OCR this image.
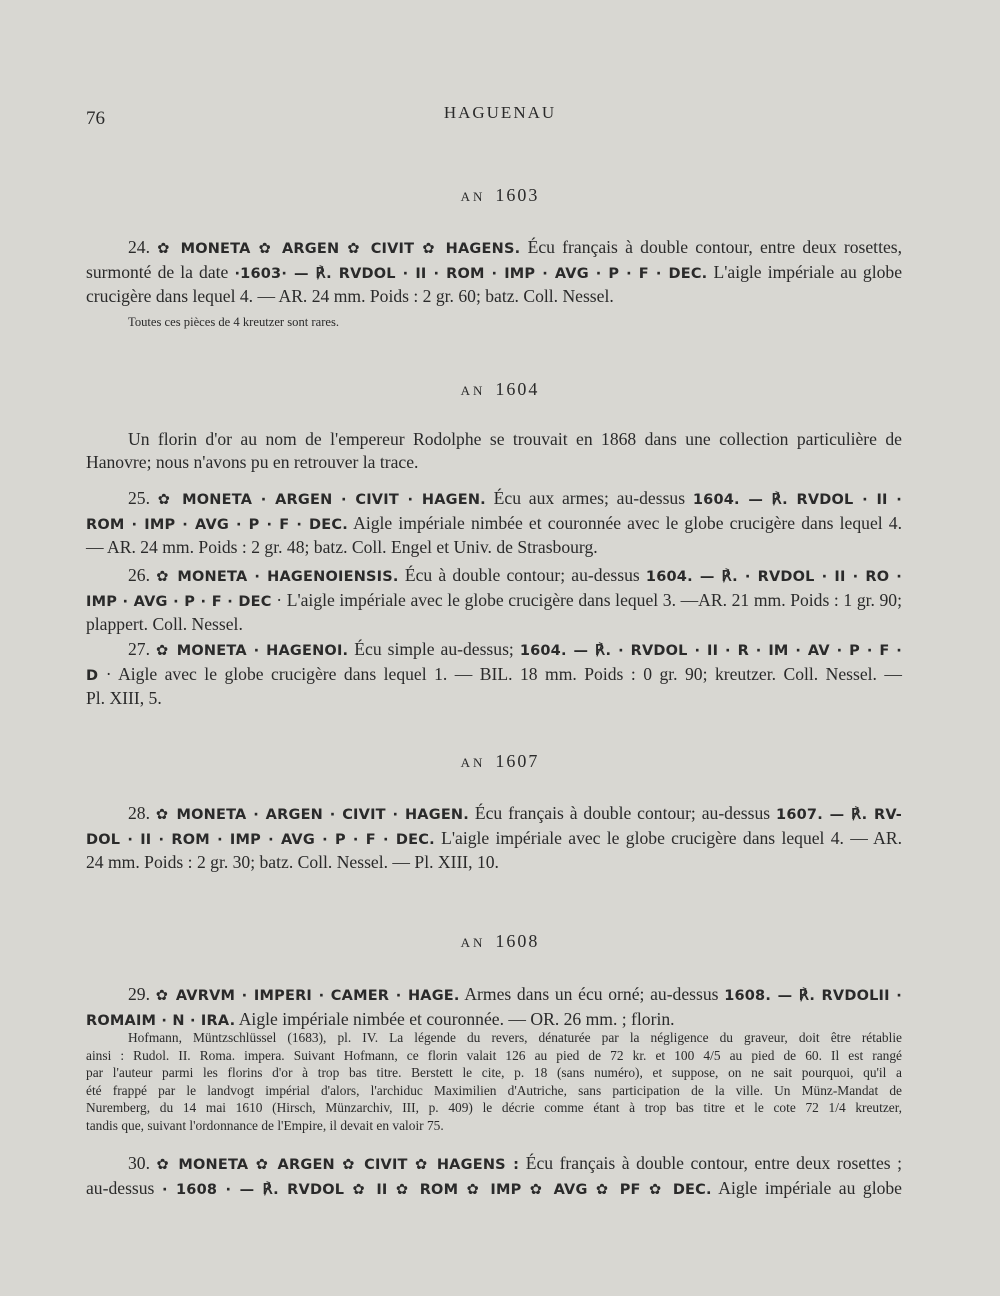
76	HAGUENAU
AN 1603
24. ✿ MONETA ✿ ARGEN ✿ CIVIT ✿ HAGENS. Écu français à double contour, entre deux rosettes,
surmonté de la date ·1603· — ℟. RVDOL · II · ROM · IMP · AVG · P · F · DEC. L'aigle impériale au globe
crucigère dans lequel 4. — AR. 24 mm. Poids : 2 gr. 60; batz. Coll. Nessel.
Toutes ces pièces de 4 kreutzer sont rares.
AN 1604
Un florin d'or au nom de l'empereur Rodolphe se trouvait en 1868 dans une collection particulière de
Hanovre; nous n'avons pu en retrouver la trace.
25. ✿ MONETA · ARGEN · CIVIT · HAGEN. Écu aux armes; au-dessus 1604. — ℟. RVDOL · II ·
ROM · IMP · AVG · P · F · DEC. Aigle impériale nimbée et couronnée avec le globe crucigère dans lequel 4.
— AR. 24 mm. Poids : 2 gr. 48; batz. Coll. Engel et Univ. de Strasbourg.
26. ✿ MONETA · HAGENOIENSIS. Écu à double contour; au-dessus 1604. — ℟. · RVDOL · II · RO ·
IMP · AVG · P · F · DEC · L'aigle impériale avec le globe crucigère dans lequel 3. —AR. 21 mm. Poids : 1 gr. 90;
plappert. Coll. Nessel.
27. ✿ MONETA · HAGENOI. Écu simple au-dessus; 1604. — ℟. · RVDOL · II · R · IM · AV · P · F ·
D · Aigle avec le globe crucigère dans lequel 1. — BIL. 18 mm. Poids : 0 gr. 90; kreutzer. Coll. Nessel. —
Pl. XIII, 5.
AN 1607
28. ✿ MONETA · ARGEN · CIVIT · HAGEN. Écu français à double contour; au-dessus 1607. — ℟. RV-
DOL · II · ROM · IMP · AVG · P · F · DEC. L'aigle impériale avec le globe crucigère dans lequel 4. — AR.
24 mm. Poids : 2 gr. 30; batz. Coll. Nessel. — Pl. XIII, 10.
AN 1608
29. ✿ AVRVM · IMPERI · CAMER · HAGE. Armes dans un écu orné; au-dessus 1608. — ℟. RVDOLII ·
ROMAIM · N · IRA. Aigle impériale nimbée et couronnée. — OR. 26 mm. ; florin.
Hofmann, Müntzschlüssel (1683), pl. IV. La légende du revers, dénaturée par la négligence du graveur, doit être rétablie
ainsi : Rudol. II. Roma. impera. Suivant Hofmann, ce florin valait 126 au pied de 72 kr. et 100 4/5 au pied de 60. Il est rangé
par l'auteur parmi les florins d'or à trop bas titre. Berstett le cite, p. 18 (sans numéro), et suppose, on ne sait pourquoi, qu'il a
été frappé par le landvogt impérial d'alors, l'archiduc Maximilien d'Autriche, sans participation de la ville. Un Münz-Mandat de
Nuremberg, du 14 mai 1610 (Hirsch, Münzarchiv, III, p. 409) le décrie comme étant à trop bas titre et le cote 72 1/4 kreutzer,
tandis que, suivant l'ordonnance de l'Empire, il devait en valoir 75.
30. ✿ MONETA ✿ ARGEN ✿ CIVIT ✿ HAGENS : Écu français à double contour, entre deux rosettes ;
au-dessus · 1608 · — ℟. RVDOL ✿ II ✿ ROM ✿ IMP ✿ AVG ✿ PF ✿ DEC. Aigle impériale au globe
